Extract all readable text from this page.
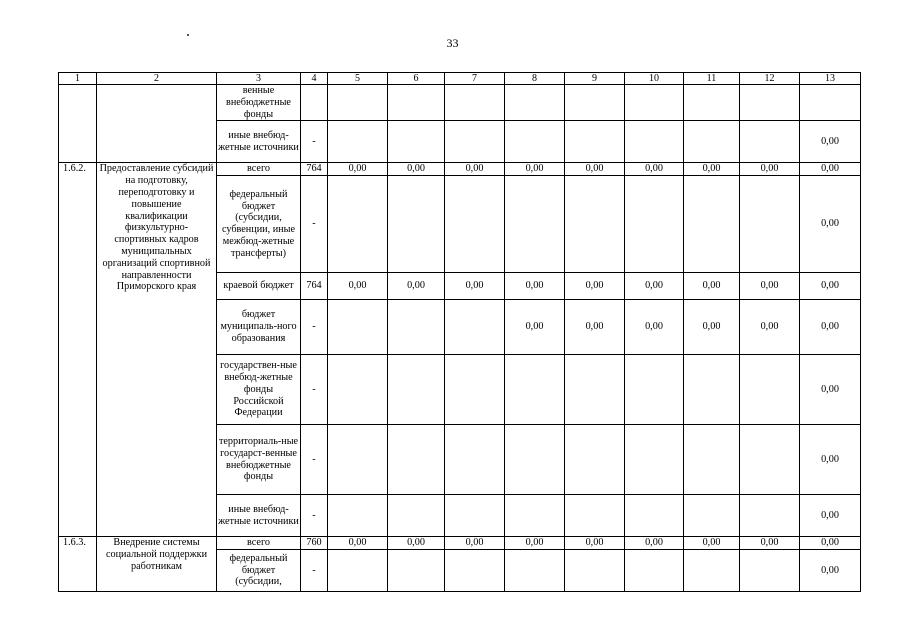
33
1	2	3	4	5	6	7	8	9	10	11	12	13
		венные внебюджетные фонды										
		иные внебюд-жетные источники	-									0,00
1.6.2.	Предоставление субсидий на подготовку, переподготовку и повышение квалификации физкультурно-спортивных кадров муниципальных организаций спортивной направленности Приморского края	всего	764	0,00	0,00	0,00	0,00	0,00	0,00	0,00	0,00	0,00
		федеральный бюджет (субсидии, субвенции, иные межбюд-жетные трансферты)	-									0,00
		краевой бюджет	764	0,00	0,00	0,00	0,00	0,00	0,00	0,00	0,00	0,00
		бюджет муниципаль-ного образования	-				0,00	0,00	0,00	0,00	0,00	0,00
		государствен-ные внебюд-жетные фонды Российской Федерации	-									0,00
		территориаль-ные государст-венные внебюджетные фонды	-									0,00
		иные внебюд-жетные источники	-									0,00
1.6.3.	Внедрение системы социальной поддержки работникам	всего	760	0,00	0,00	0,00	0,00	0,00	0,00	0,00	0,00	0,00
		федеральный бюджет (субсидии,	-									0,00
